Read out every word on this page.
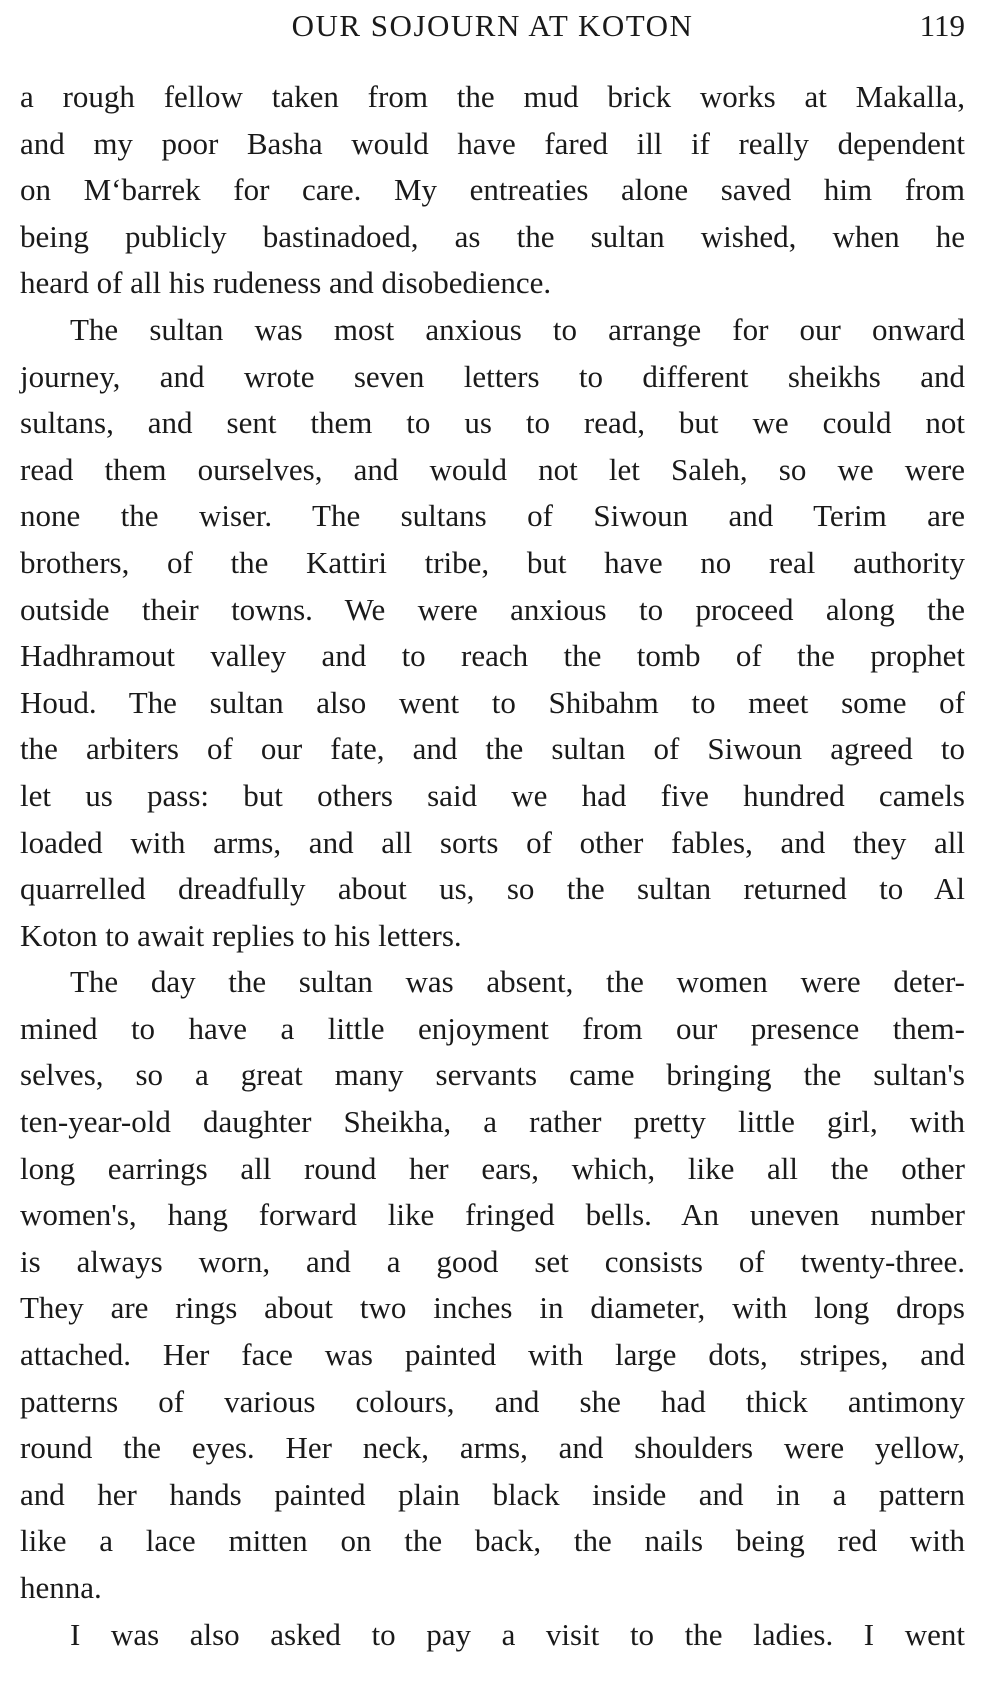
OUR SOJOURN AT KOTON	119
a rough fellow taken from the mud brick works at Makalla,
and my poor Basha would have fared ill if really dependent
on M‘barrek for care. My entreaties alone saved him from
being publicly bastinadoed, as the sultan wished, when he
heard of all his rudeness and disobedience.
The sultan was most anxious to arrange for our onward
journey, and wrote seven letters to different sheikhs and
sultans, and sent them to us to read, but we could not
read them ourselves, and would not let Saleh, so we were
none the wiser. The sultans of Siwoun and Terim are
brothers, of the Kattiri tribe, but have no real authority
outside their towns. We were anxious to proceed along the
Hadhramout valley and to reach the tomb of the prophet
Houd. The sultan also went to Shibahm to meet some of
the arbiters of our fate, and the sultan of Siwoun agreed to
let us pass: but others said we had five hundred camels
loaded with arms, and all sorts of other fables, and they all
quarrelled dreadfully about us, so the sultan returned to Al
Koton to await replies to his letters.
The day the sultan was absent, the women were deter-
mined to have a little enjoyment from our presence them-
selves, so a great many servants came bringing the sultan's
ten-year-old daughter Sheikha, a rather pretty little girl, with
long earrings all round her ears, which, like all the other
women's, hang forward like fringed bells. An uneven number
is always worn, and a good set consists of twenty-three.
They are rings about two inches in diameter, with long drops
attached. Her face was painted with large dots, stripes, and
patterns of various colours, and she had thick antimony
round the eyes. Her neck, arms, and shoulders were yellow,
and her hands painted plain black inside and in a pattern
like a lace mitten on the back, the nails being red with
henna.
I was also asked to pay a visit to the ladies. I went
